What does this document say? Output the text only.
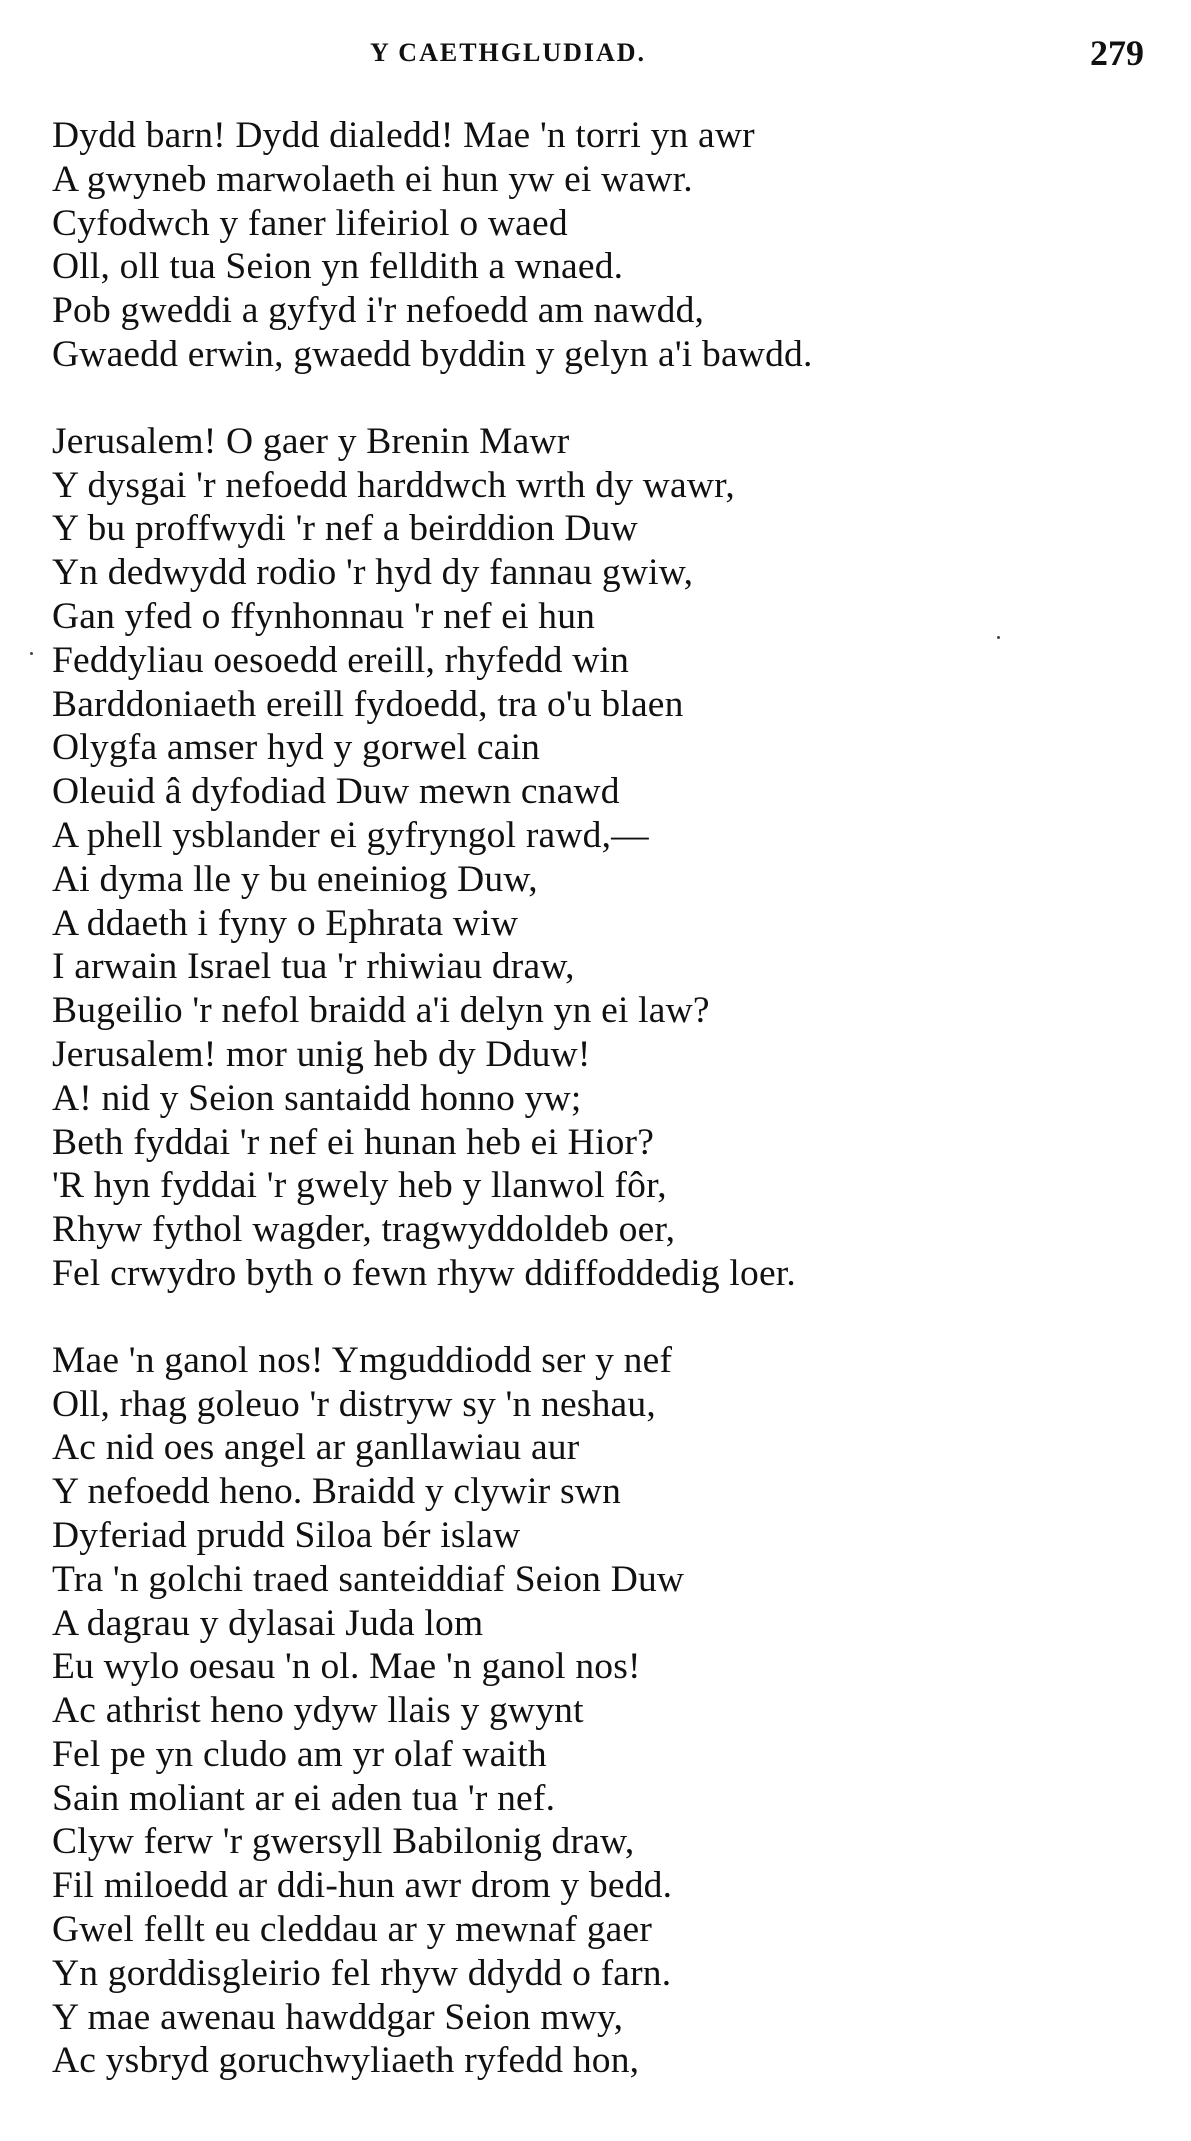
Y CAETHGLUDIAD.	279
Dydd barn! Dydd dialedd! Mae 'n torri yn awr
A gwyneb marwolaeth ei hun yw ei wawr.
Cyfodwch y faner lifeiriol o waed
Oll, oll tua Seion yn felldith a wnaed.
Pob gweddi a gyfyd i'r nefoedd am nawdd,
Gwaedd erwin, gwaedd byddin y gelyn a'i bawdd.
Jerusalem! O gaer y Brenin Mawr
Y dysgai 'r nefoedd harddwch wrth dy wawr,
Y bu proffwydi 'r nef a beirddion Duw
Yn dedwydd rodio 'r hyd dy fannau gwiw,
Gan yfed o ffynhonnau 'r nef ei hun
Feddyliau oesoedd ereill, rhyfedd win
Barddoniaeth ereill fydoedd, tra o'u blaen
Olygfa amser hyd y gorwel cain
Oleuid â dyfodiad Duw mewn cnawd
A phell ysblander ei gyfryngol rawd,—
Ai dyma lle y bu eneiniog Duw,
A ddaeth i fyny o Ephrata wiw
I arwain Israel tua 'r rhiwiau draw,
Bugeilio 'r nefol braidd a'i delyn yn ei law?
Jerusalem! mor unig heb dy Dduw!
A! nid y Seion santaidd honno yw;
Beth fyddai 'r nef ei hunan heb ei Hior?
'R hyn fyddai 'r gwely heb y llanwol fôr,
Rhyw fythol wagder, tragwyddoldeb oer,
Fel crwydro byth o fewn rhyw ddiffoddedig loer.
Mae 'n ganol nos! Ymguddiodd ser y nef
Oll, rhag goleuo 'r distryw sy 'n neshau,
Ac nid oes angel ar ganllawiau aur
Y nefoedd heno. Braidd y clywir swn
Dyferiad prudd Siloa bér islaw
Tra 'n golchi traed santeiddiaf Seion Duw
A dagrau y dylasai Juda lom
Eu wylo oesau 'n ol. Mae 'n ganol nos!
Ac athrist heno ydyw llais y gwynt
Fel pe yn cludo am yr olaf waith
Sain moliant ar ei aden tua 'r nef.
Clyw ferw 'r gwersyll Babilonig draw,
Fil miloedd ar ddi-hun awr drom y bedd.
Gwel fellt eu cleddau ar y mewnaf gaer
Yn gorddisgleirio fel rhyw ddydd o farn.
Y mae awenau hawddgar Seion mwy,
Ac ysbryd goruchwyliaeth ryfedd hon,
